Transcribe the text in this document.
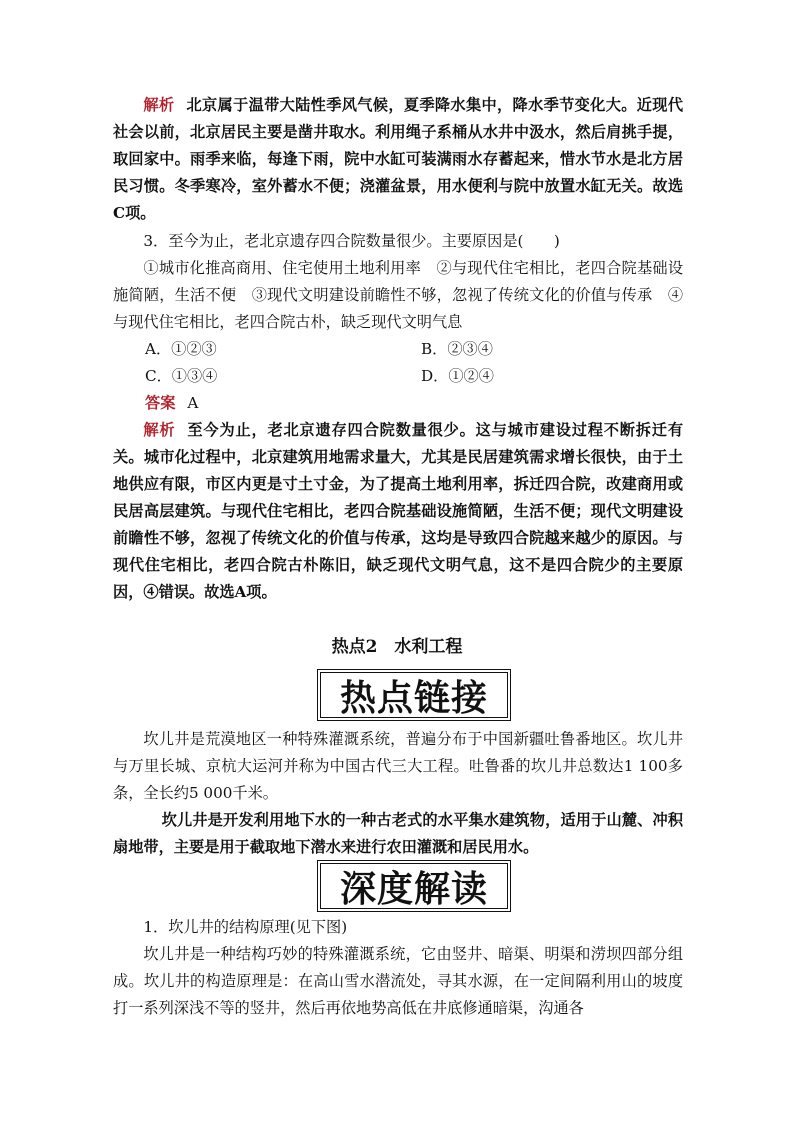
解析 北京属于温带大陆性季风气候，夏季降水集中，降水季节变化大。近现代社会以前，北京居民主要是凿井取水。利用绳子系桶从水井中汲水，然后肩挑手提，取回家中。雨季来临，每逢下雨，院中水缸可装满雨水存蓄起来，惜水节水是北方居民习惯。冬季寒冷，室外蓄水不便；浇灌盆景，用水便利与院中放置水缸无关。故选C项。

3．至今为止，老北京遗存四合院数量很少。主要原因是(　　)

①城市化推高商用、住宅使用土地利用率　②与现代住宅相比，老四合院基础设施简陋，生活不便　③现代文明建设前瞻性不够，忽视了传统文化的价值与传承　④与现代住宅相比，老四合院古朴，缺乏现代文明气息

A．①②③	B．②③④
C．①③④	D．①②④
答案 A

解析 至今为止，老北京遗存四合院数量很少。这与城市建设过程不断拆迁有关。城市化过程中，北京建筑用地需求量大，尤其是民居建筑需求增长很快，由于土地供应有限，市区内更是寸土寸金，为了提高土地利用率，拆迁四合院，改建商用或民居高层建筑。与现代住宅相比，老四合院基础设施简陋，生活不便；现代文明建设前瞻性不够，忽视了传统文化的价值与传承，这均是导致四合院越来越少的原因。与现代住宅相比，老四合院古朴陈旧，缺乏现代文明气息，这不是四合院少的主要原因，④错误。故选A项。

热点2　水利工程
热点链接

坎儿井是荒漠地区一种特殊灌溉系统，普遍分布于中国新疆吐鲁番地区。坎儿井与万里长城、京杭大运河并称为中国古代三大工程。吐鲁番的坎儿井总数达1 100多条，全长约5 000千米。

坎儿井是开发利用地下水的一种古老式的水平集水建筑物，适用于山麓、冲积扇地带，主要是用于截取地下潜水来进行农田灌溉和居民用水。

深度解读

1．坎儿井的结构原理(见下图)

坎儿井是一种结构巧妙的特殊灌溉系统，它由竖井、暗渠、明渠和涝坝四部分组成。坎儿井的构造原理是：在高山雪水潜流处，寻其水源，在一定间隔利用山的坡度打一系列深浅不等的竖井，然后再依地势高低在井底修通暗渠，沟通各
